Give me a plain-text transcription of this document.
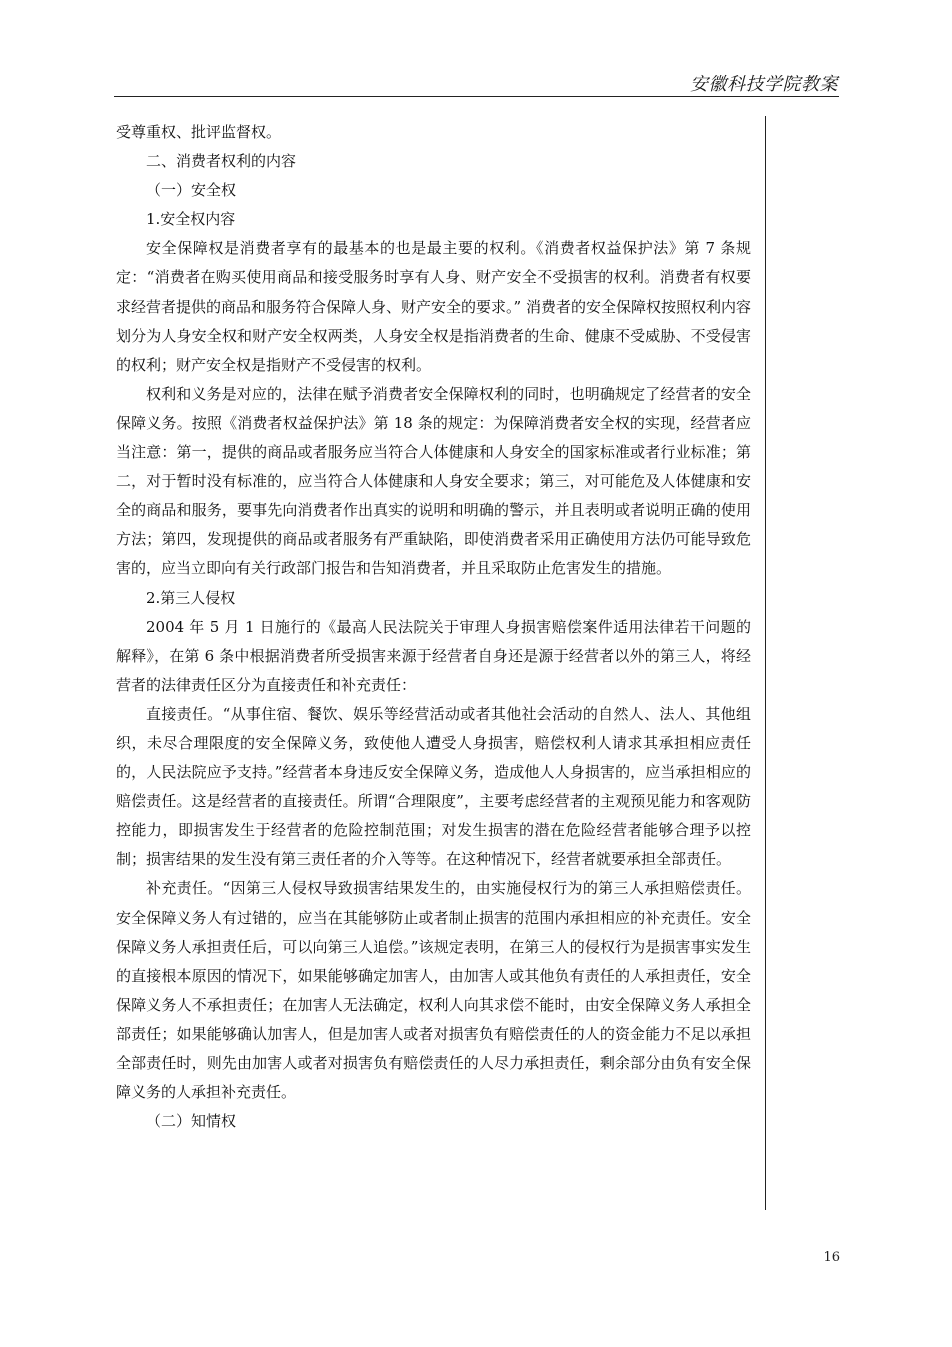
安徽科技学院教案

受尊重权、批评监督权。

二、消费者权利的内容

（一）安全权

1.安全权内容

安全保障权是消费者享有的最基本的也是最主要的权利。《消费者权益保护法》第 7 条规定：“消费者在购买使用商品和接受服务时享有人身、财产安全不受损害的权利。消费者有权要求经营者提供的商品和服务符合保障人身、财产安全的要求。” 消费者的安全保障权按照权利内容划分为人身安全权和财产安全权两类，人身安全权是指消费者的生命、健康不受威胁、不受侵害的权利；财产安全权是指财产不受侵害的权利。

权利和义务是对应的，法律在赋予消费者安全保障权利的同时，也明确规定了经营者的安全保障义务。按照《消费者权益保护法》第 18 条的规定：为保障消费者安全权的实现，经营者应当注意：第一，提供的商品或者服务应当符合人体健康和人身安全的国家标准或者行业标准；第二，对于暂时没有标准的，应当符合人体健康和人身安全要求；第三，对可能危及人体健康和安全的商品和服务，要事先向消费者作出真实的说明和明确的警示，并且表明或者说明正确的使用方法；第四，发现提供的商品或者服务有严重缺陷，即使消费者采用正确使用方法仍可能导致危害的，应当立即向有关行政部门报告和告知消费者，并且采取防止危害发生的措施。

2.第三人侵权

2004 年 5 月 1 日施行的《最高人民法院关于审理人身损害赔偿案件适用法律若干问题的解释》，在第 6 条中根据消费者所受损害来源于经营者自身还是源于经营者以外的第三人，将经营者的法律责任区分为直接责任和补充责任：

直接责任。“从事住宿、餐饮、娱乐等经营活动或者其他社会活动的自然人、法人、其他组织，未尽合理限度的安全保障义务，致使他人遭受人身损害，赔偿权利人请求其承担相应责任的，人民法院应予支持。”经营者本身违反安全保障义务，造成他人人身损害的，应当承担相应的赔偿责任。这是经营者的直接责任。所谓“合理限度”，主要考虑经营者的主观预见能力和客观防控能力，即损害发生于经营者的危险控制范围；对发生损害的潜在危险经营者能够合理予以控制；损害结果的发生没有第三责任者的介入等等。在这种情况下，经营者就要承担全部责任。

补充责任。“因第三人侵权导致损害结果发生的，由实施侵权行为的第三人承担赔偿责任。安全保障义务人有过错的，应当在其能够防止或者制止损害的范围内承担相应的补充责任。安全保障义务人承担责任后，可以向第三人追偿。”该规定表明，在第三人的侵权行为是损害事实发生的直接根本原因的情况下，如果能够确定加害人，由加害人或其他负有责任的人承担责任，安全保障义务人不承担责任；在加害人无法确定，权利人向其求偿不能时，由安全保障义务人承担全部责任；如果能够确认加害人，但是加害人或者对损害负有赔偿责任的人的资金能力不足以承担全部责任时，则先由加害人或者对损害负有赔偿责任的人尽力承担责任，剩余部分由负有安全保障义务的人承担补充责任。

（二）知情权

16
